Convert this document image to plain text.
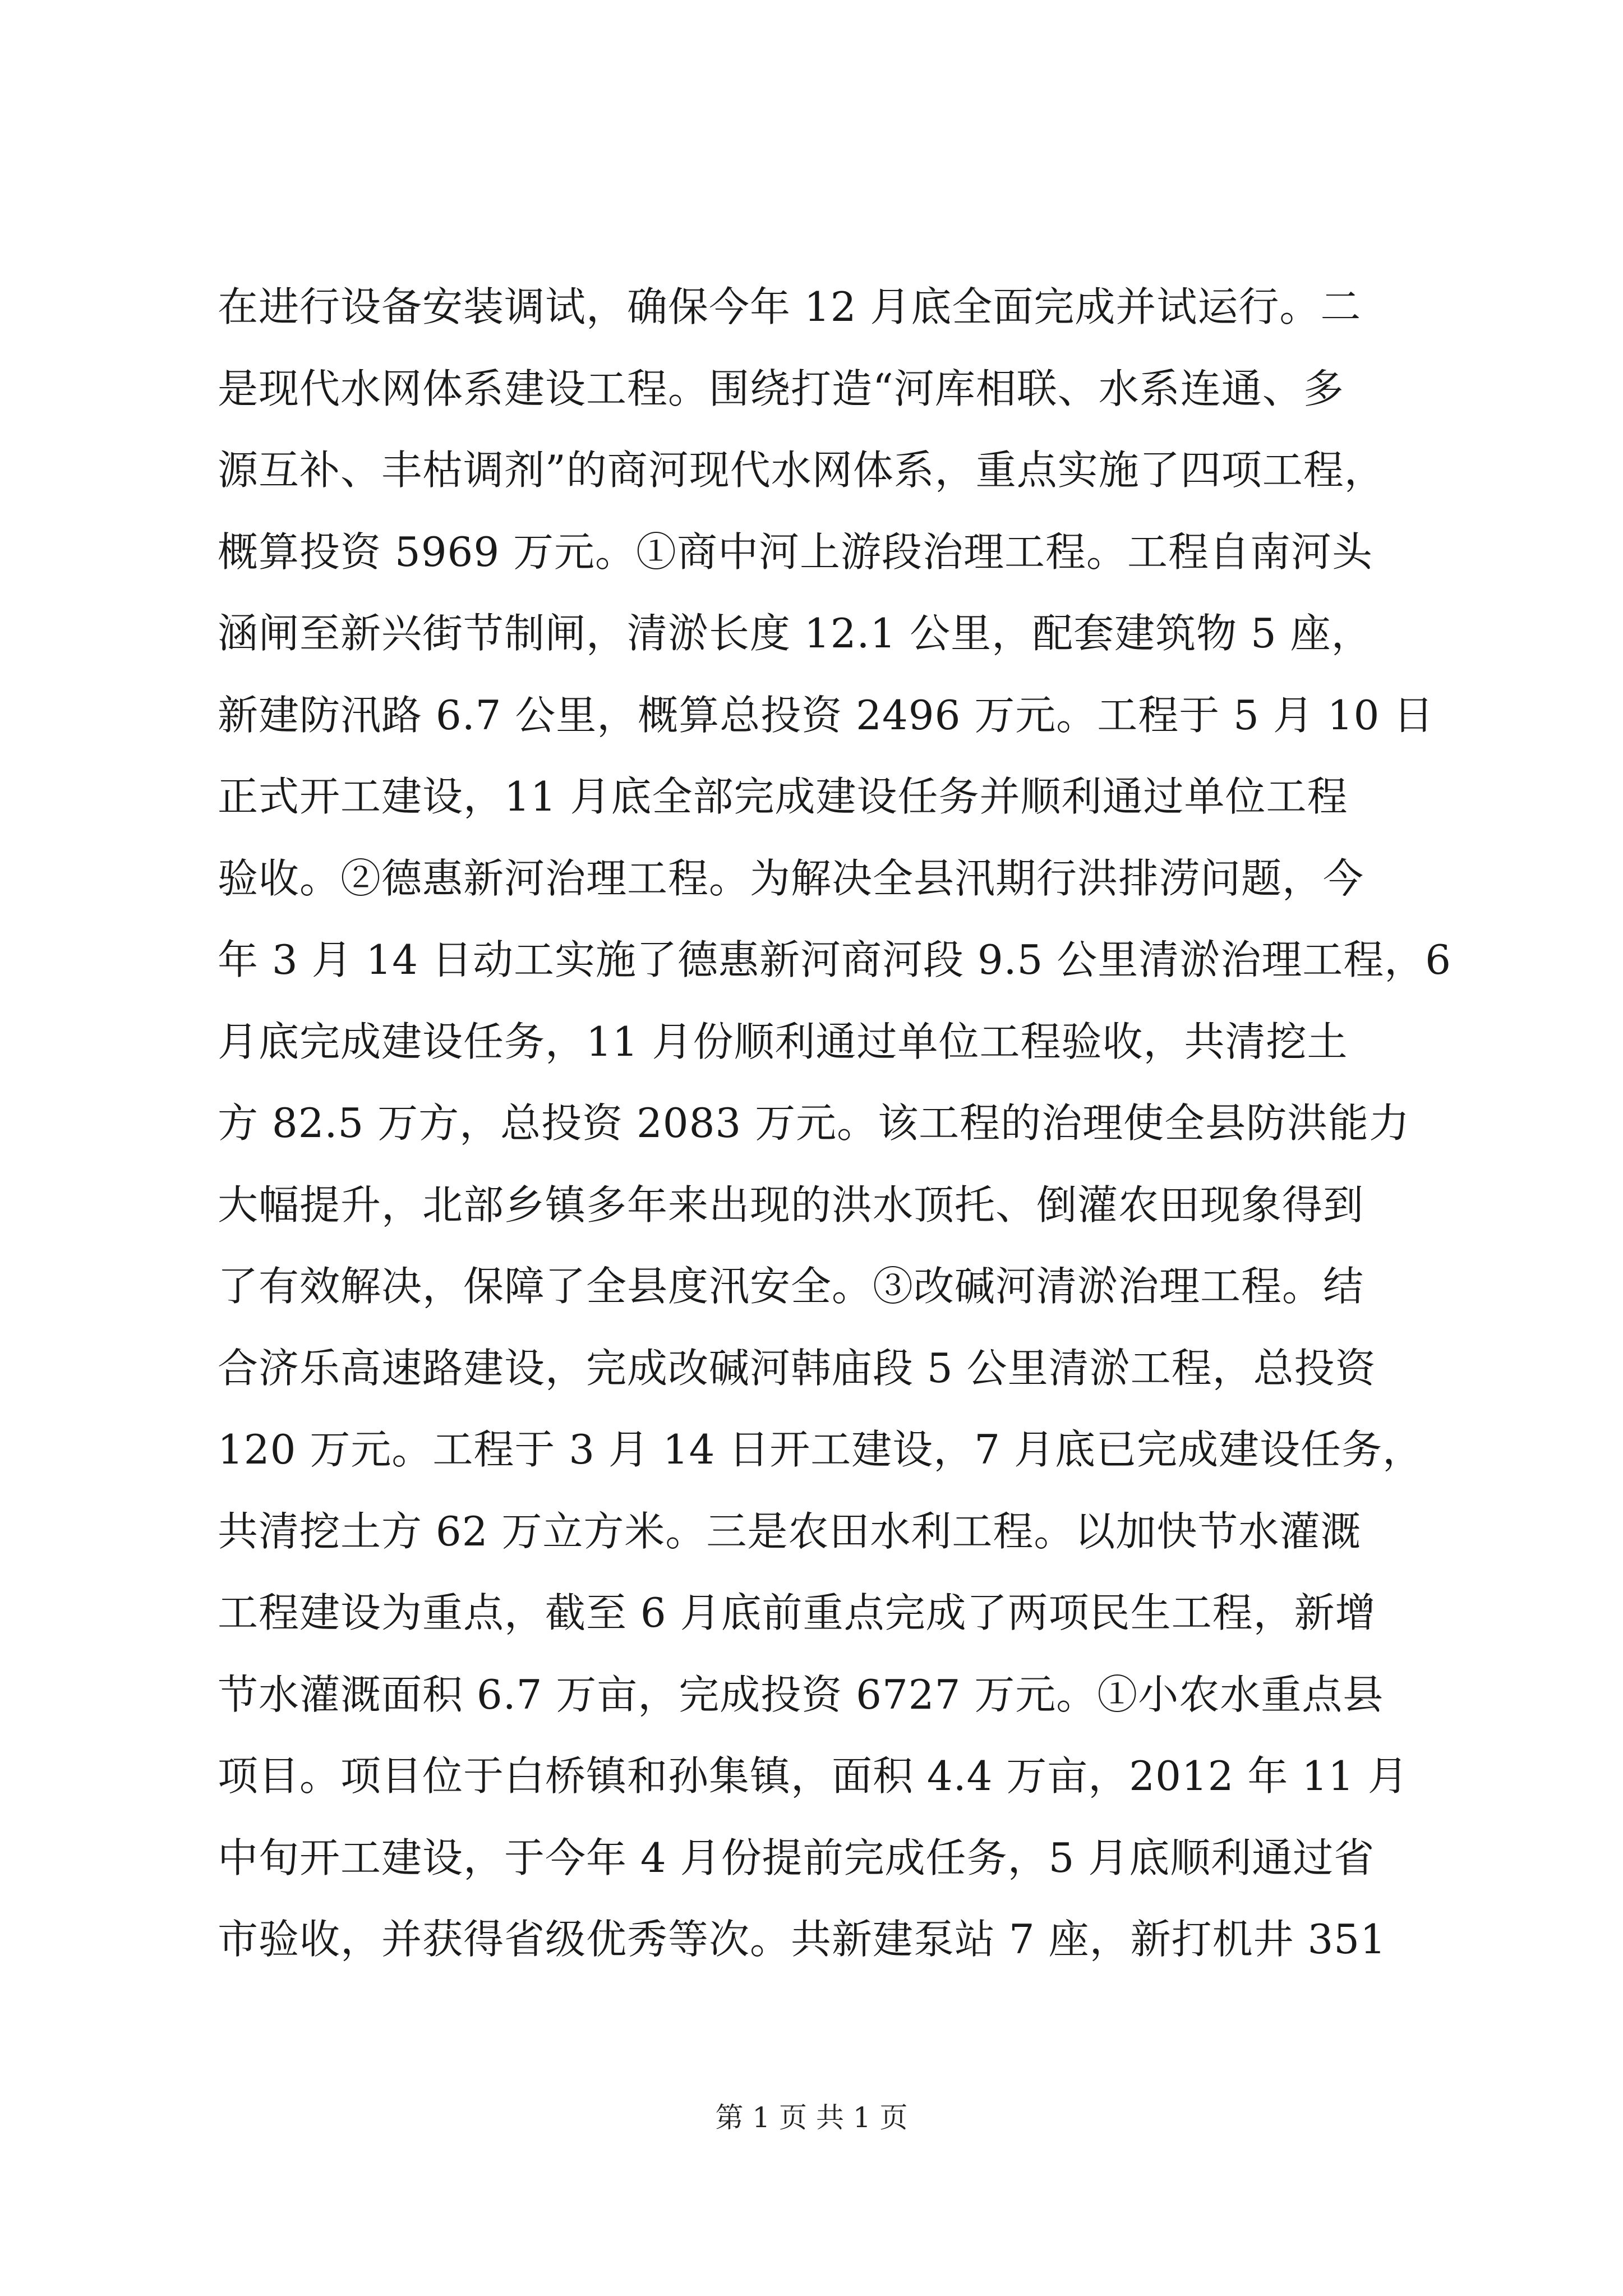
在进行设备安装调试，确保今年 12 月底全面完成并试运行。二
是现代水网体系建设工程。围绕打造“河库相联、水系连通、多
源互补、丰枯调剂”的商河现代水网体系，重点实施了四项工程，
概算投资 5969 万元。①商中河上游段治理工程。工程自南河头
涵闸至新兴街节制闸，清淤长度 12.1 公里，配套建筑物 5 座，
新建防汛路 6.7 公里，概算总投资 2496 万元。工程于 5 月 10 日
正式开工建设，11 月底全部完成建设任务并顺利通过单位工程
验收。②德惠新河治理工程。为解决全县汛期行洪排涝问题，今
年 3 月 14 日动工实施了德惠新河商河段 9.5 公里清淤治理工程，6
月底完成建设任务，11 月份顺利通过单位工程验收，共清挖土
方 82.5 万方，总投资 2083 万元。该工程的治理使全县防洪能力
大幅提升，北部乡镇多年来出现的洪水顶托、倒灌农田现象得到
了有效解决，保障了全县度汛安全。③改碱河清淤治理工程。结
合济乐高速路建设，完成改碱河韩庙段 5 公里清淤工程，总投资
120 万元。工程于 3 月 14 日开工建设，7 月底已完成建设任务，
共清挖土方 62 万立方米。三是农田水利工程。以加快节水灌溉
工程建设为重点，截至 6 月底前重点完成了两项民生工程，新增
节水灌溉面积 6.7 万亩，完成投资 6727 万元。①小农水重点县
项目。项目位于白桥镇和孙集镇，面积 4.4 万亩，2012 年 11 月
中旬开工建设，于今年 4 月份提前完成任务，5 月底顺利通过省
市验收，并获得省级优秀等次。共新建泵站 7 座，新打机井 351
第 1 页 共 1 页
